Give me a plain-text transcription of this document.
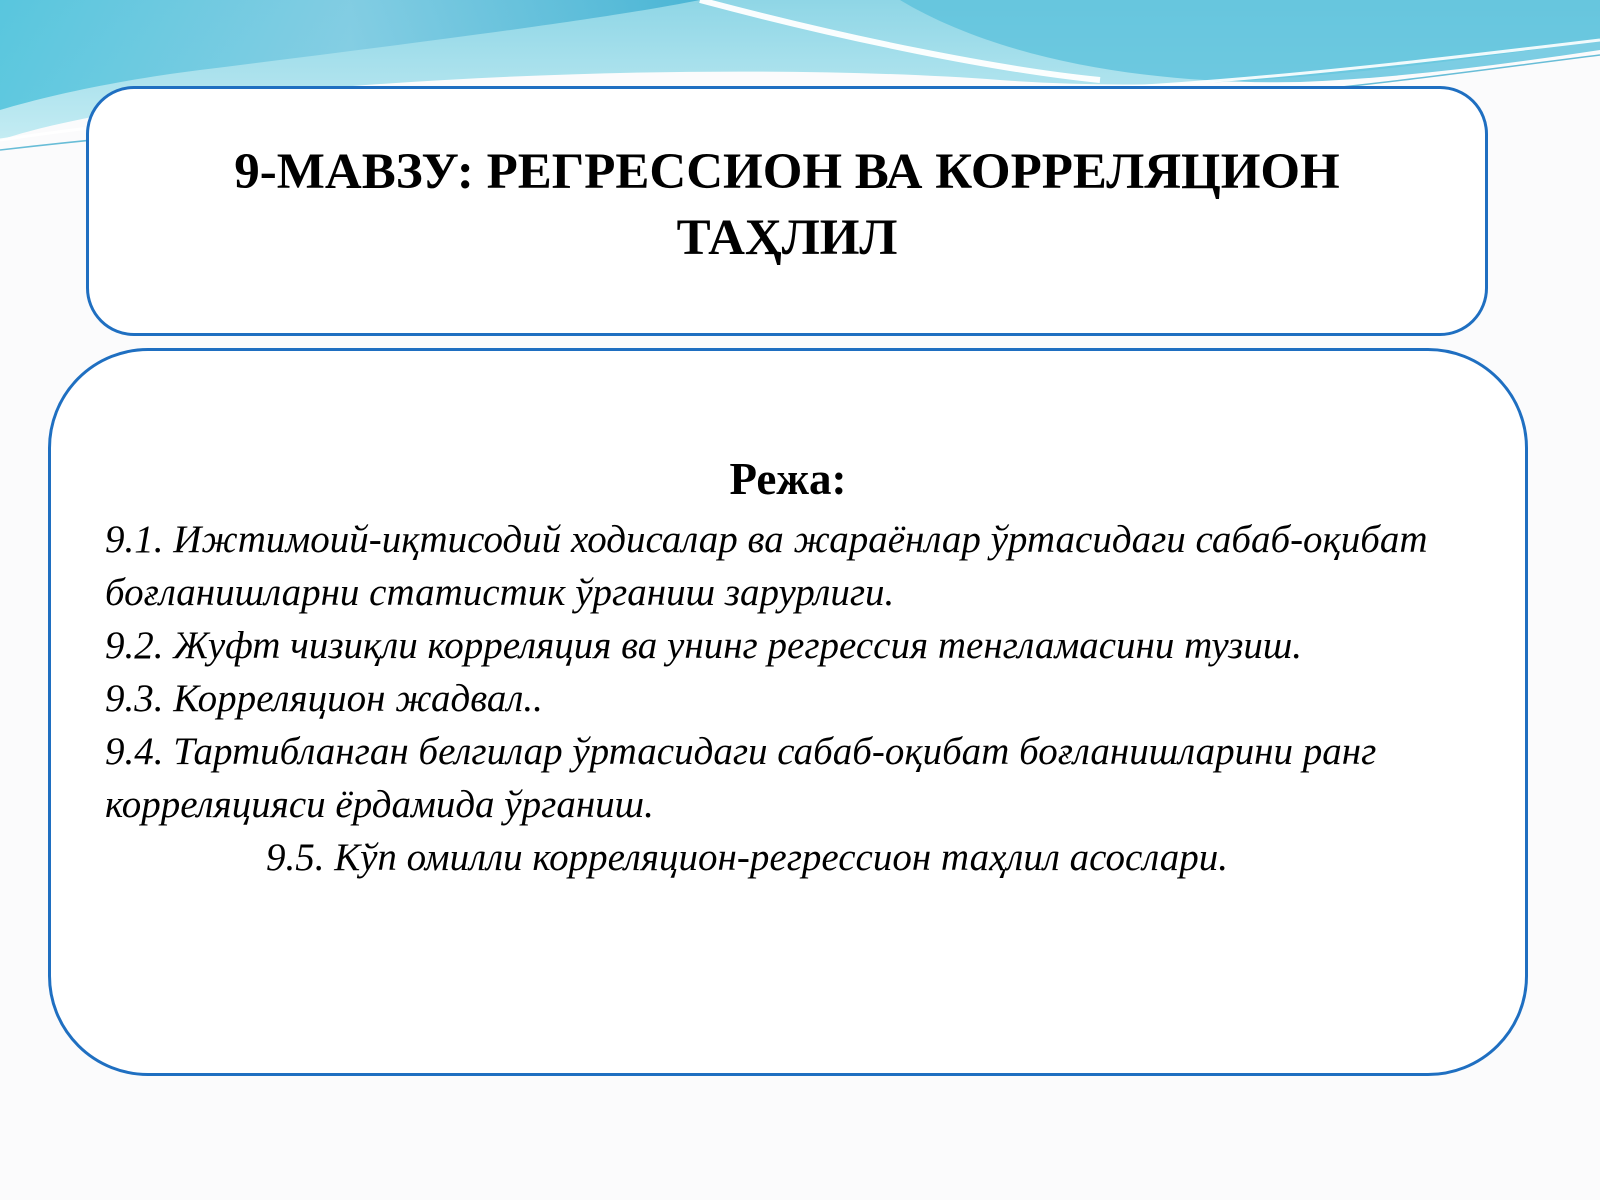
9-МАВЗУ: РЕГРЕССИОН ВА КОРРЕЛЯЦИОН ТАҲЛИЛ
Режа:
9.1. Ижтимоий-иқтисодий ходисалар ва жараёнлар ўртасидаги сабаб-оқибат боғланишларни статистик ўрганиш зарурлиги.
9.2. Жуфт чизиқли корреляция ва унинг регрессия тенгламасини тузиш.
9.3. Корреляцион жадвал..
9.4. Тартибланган белгилар ўртасидаги сабаб-оқибат боғланишларини ранг корреляцияси ёрдамида ўрганиш.
9.5. Кўп омилли корреляцион-регрессион таҳлил асослари.
